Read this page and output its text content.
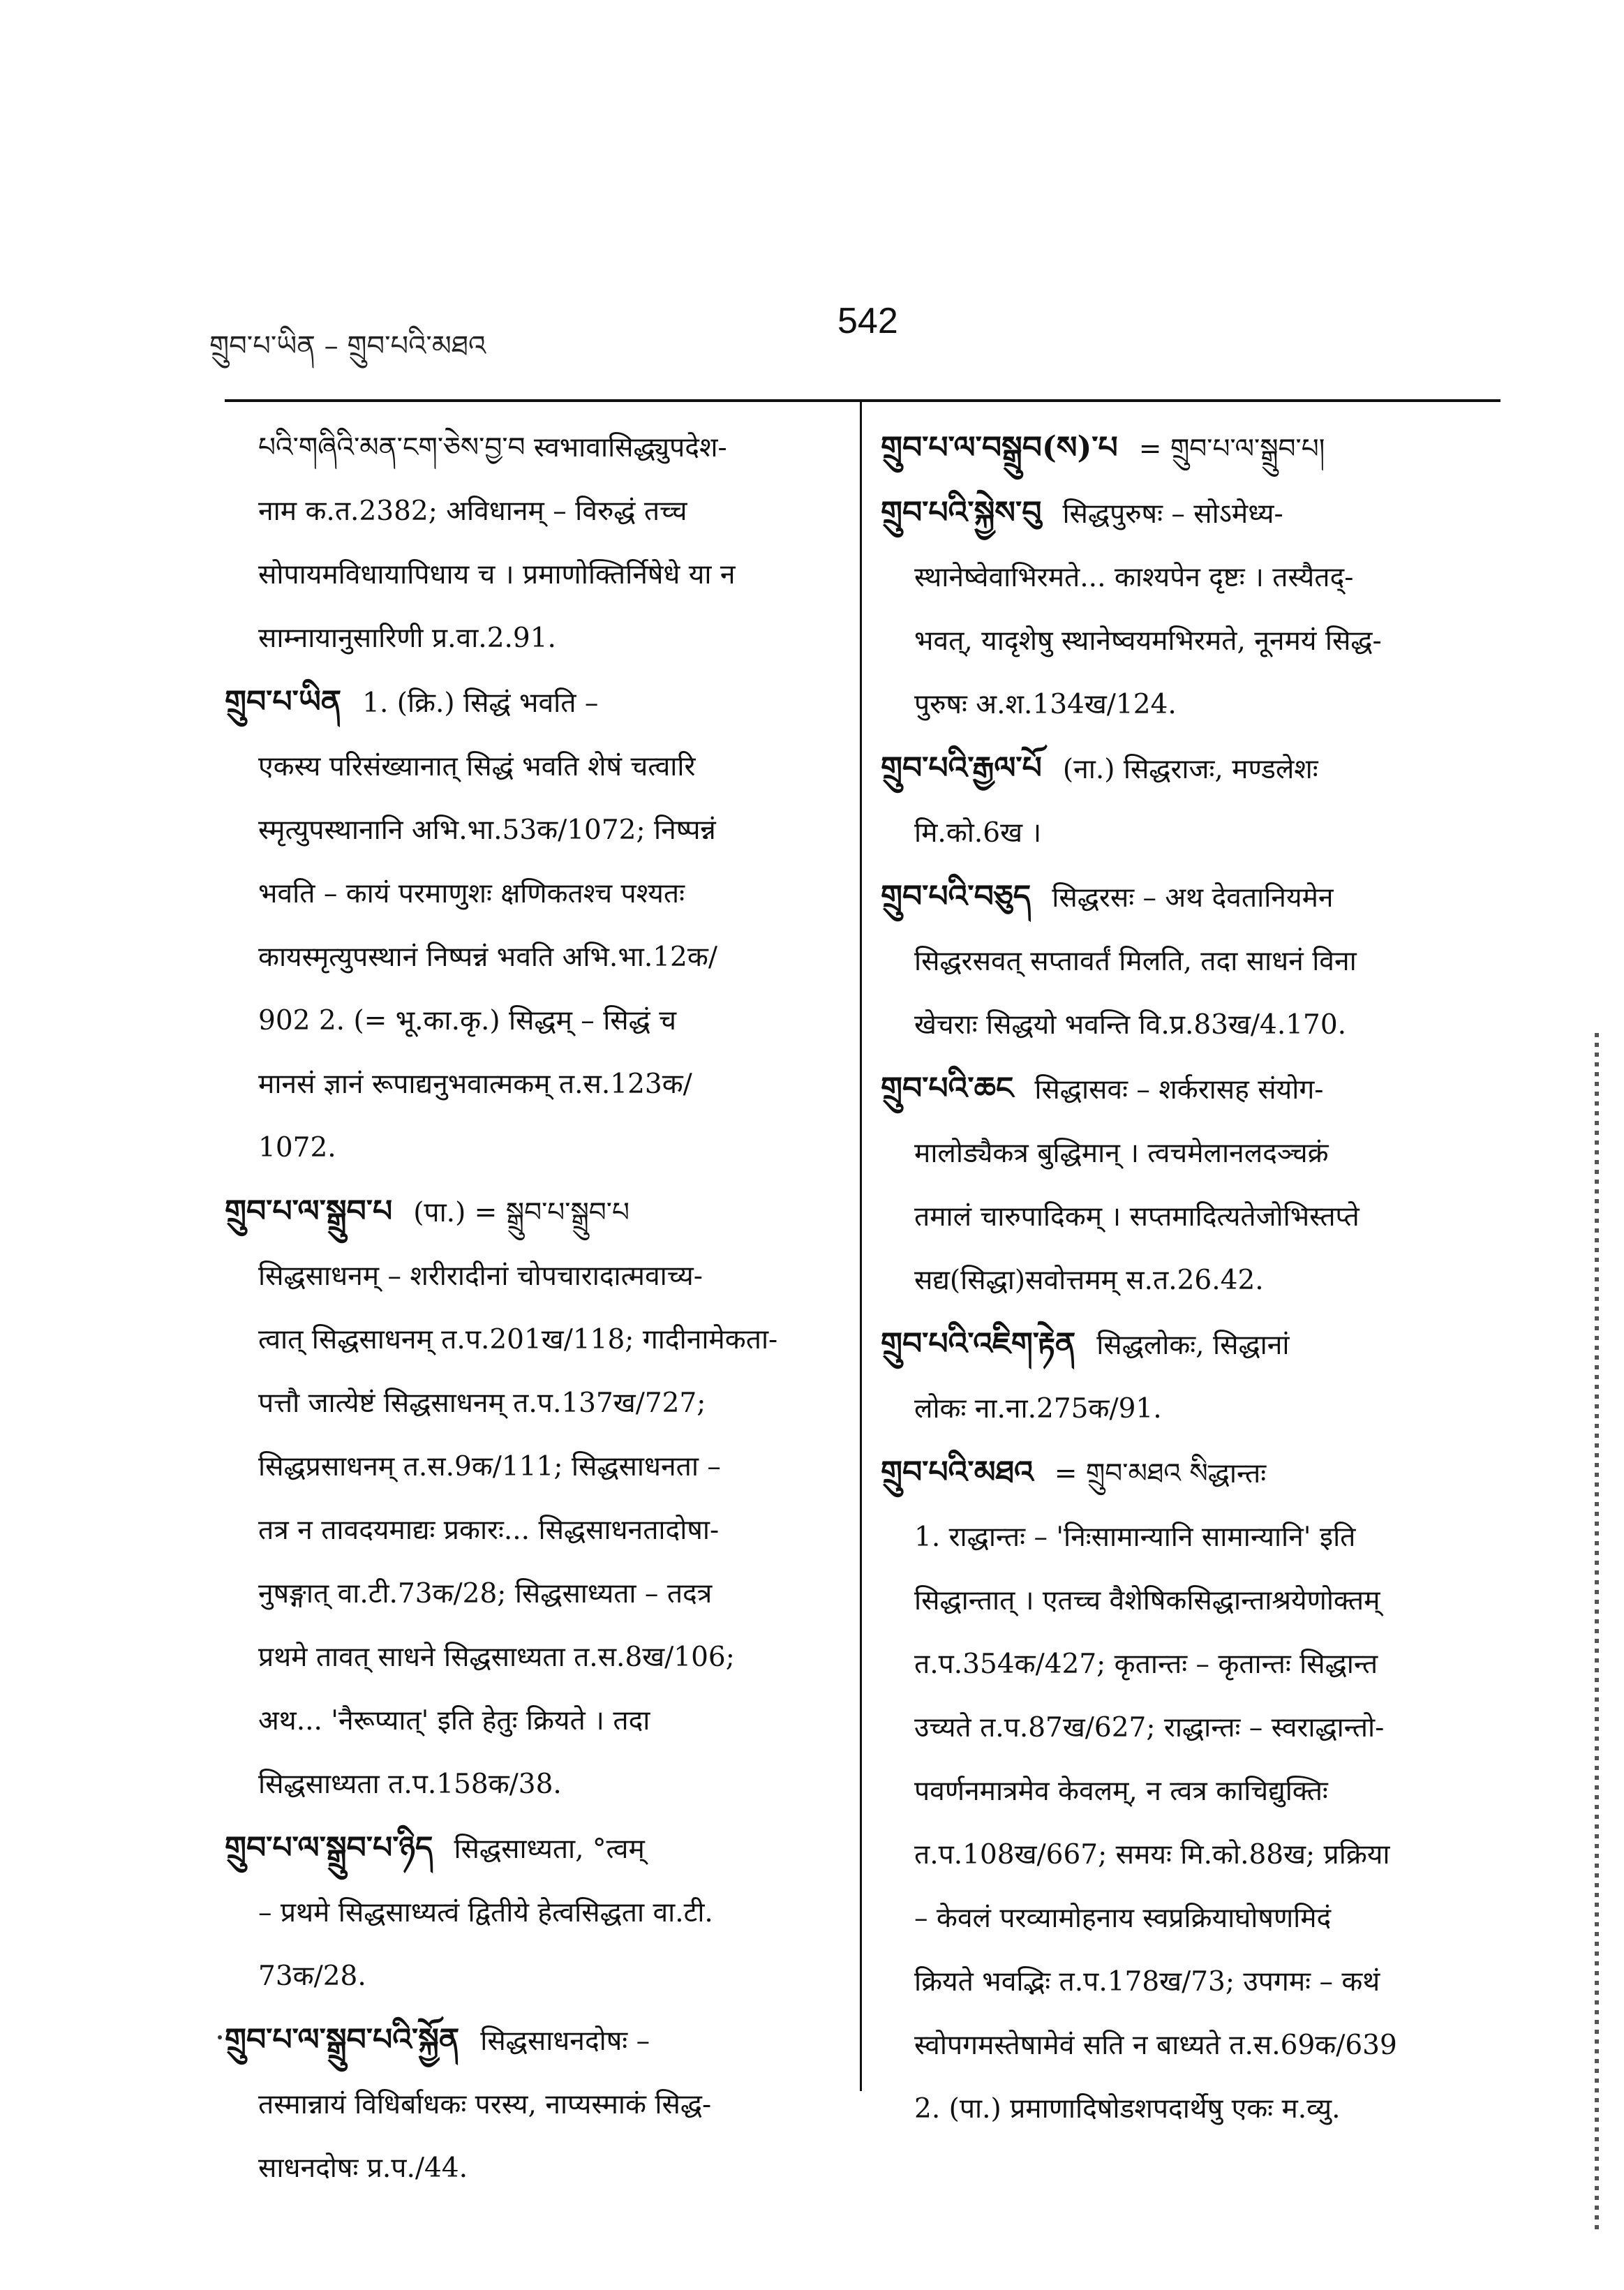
གྲུབ་པ་ཡིན – གྲུབ་པའི་མཐའ
542
པའི་གཞིའི་མན་ངག་ཅེས་བྱ་བ स्वभावासिद्ध्युपदेश-
नाम क.त.2382; अविधानम् – विरुद्धं तच्च
सोपायमविधायापिधाय च । प्रमाणोक्तिर्निषेधे या न
साम्नायानुसारिणी प्र.वा.2.91.
གྲུབ་པ་ཡིན 1. (क्रि.) सिद्धं भवति –
एकस्य परिसंख्यानात् सिद्धं भवति शेषं चत्वारि
स्मृत्युपस्थानानि अभि.भा.53क/1072; निष्पन्नं
भवति – कायं परमाणुशः क्षणिकतश्च पश्यतः
कायस्मृत्युपस्थानं निष्पन्नं भवति अभि.भा.12क/
902 2. (= भू.का.कृ.) सिद्धम् – सिद्धं च
मानसं ज्ञानं रूपाद्यनुभवात्मकम् त.स.123क/
1072.
གྲུབ་པ་ལ་སྒྲུབ་པ (पा.) = སྒྲུབ་པ་སྒྲུབ་པ
सिद्धसाधनम् – शरीरादीनां चोपचारादात्मवाच्य-
त्वात् सिद्धसाधनम् त.प.201ख/118; गादीनामेकता-
पत्तौ जात्येष्टं सिद्धसाधनम् त.प.137ख/727;
सिद्धप्रसाधनम् त.स.9क/111; सिद्धसाधनता –
तत्र न तावदयमाद्यः प्रकारः... सिद्धसाधनतादोषा-
नुषङ्गात् वा.टी.73क/28; सिद्धसाध्यता – तदत्र
प्रथमे तावत् साधने सिद्धसाध्यता त.स.8ख/106;
अथ... 'नैरूप्यात्' इति हेतुः क्रियते । तदा
सिद्धसाध्यता त.प.158क/38.
གྲུབ་པ་ལ་སྒྲུབ་པ་ཉིད सिद्धसाध्यता, °त्वम्
– प्रथमे सिद्धसाध्यत्वं द्वितीये हेत्वसिद्धता वा.टी.
73क/28.
གྲུབ་པ་ལ་སྒྲུབ་པའི་སྐྱོན सिद्धसाधनदोषः –
तस्मान्नायं विधिर्बाधकः परस्य, नाप्यस्माकं सिद्ध-
साधनदोषः प्र.प./44.
གྲུབ་པ་ལ་བསྒྲུབ(ས)་པ = གྲུབ་པ་ལ་སྒྲུབ་པ།
གྲུབ་པའི་སྐྱེས་བུ सिद्धपुरुषः – सोऽमेध्य-
स्थानेष्वेवाभिरमते... काश्यपेन दृष्टः । तस्यैतद्-
भवत्, यादृशेषु स्थानेष्वयमभिरमते, नूनमयं सिद्ध-
पुरुषः अ.श.134ख/124.
གྲུབ་པའི་རྒྱལ་པོ (ना.) सिद्धराजः, मण्डलेशः
मि.को.6ख ।
གྲུབ་པའི་བཅུད सिद्धरसः – अथ देवतानियमेन
सिद्धरसवत् सप्तावर्तं मिलति, तदा साधनं विना
खेचराः सिद्धयो भवन्ति वि.प्र.83ख/4.170.
གྲུབ་པའི་ཆང सिद्धासवः – शर्करासह संयोग-
मालोड्यैकत्र बुद्धिमान् । त्वचमेलानलदञ्चक्रं
तमालं चारुपादिकम् । सप्तमादित्यतेजोभिस्तप्ते
सद्य(सिद्धा)सवोत्तमम् स.त.26.42.
གྲུབ་པའི་འཇིག་རྟེན सिद्धलोकः, सिद्धानां
लोकः ना.ना.275क/91.
གྲུབ་པའི་མཐའ = གྲུབ་མཐའ སིद्धान्तः
1. राद्धान्तः – 'निःसामान्यानि सामान्यानि' इति
सिद्धान्तात् । एतच्च वैशेषिकसिद्धान्ताश्रयेणोक्तम्
त.प.354क/427; कृतान्तः – कृतान्तः सिद्धान्त
उच्यते त.प.87ख/627; राद्धान्तः – स्वराद्धान्तो-
पवर्णनमात्रमेव केवलम्, न त्वत्र काचिद्युक्तिः
त.प.108ख/667; समयः मि.को.88ख; प्रक्रिया
– केवलं परव्यामोहनाय स्वप्रक्रियाघोषणमिदं
क्रियते भवद्भिः त.प.178ख/73; उपगमः – कथं
स्वोपगमस्तेषामेवं सति न बाध्यते त.स.69क/639
2. (पा.) प्रमाणादिषोडशपदार्थेषु एकः म.व्यु.
